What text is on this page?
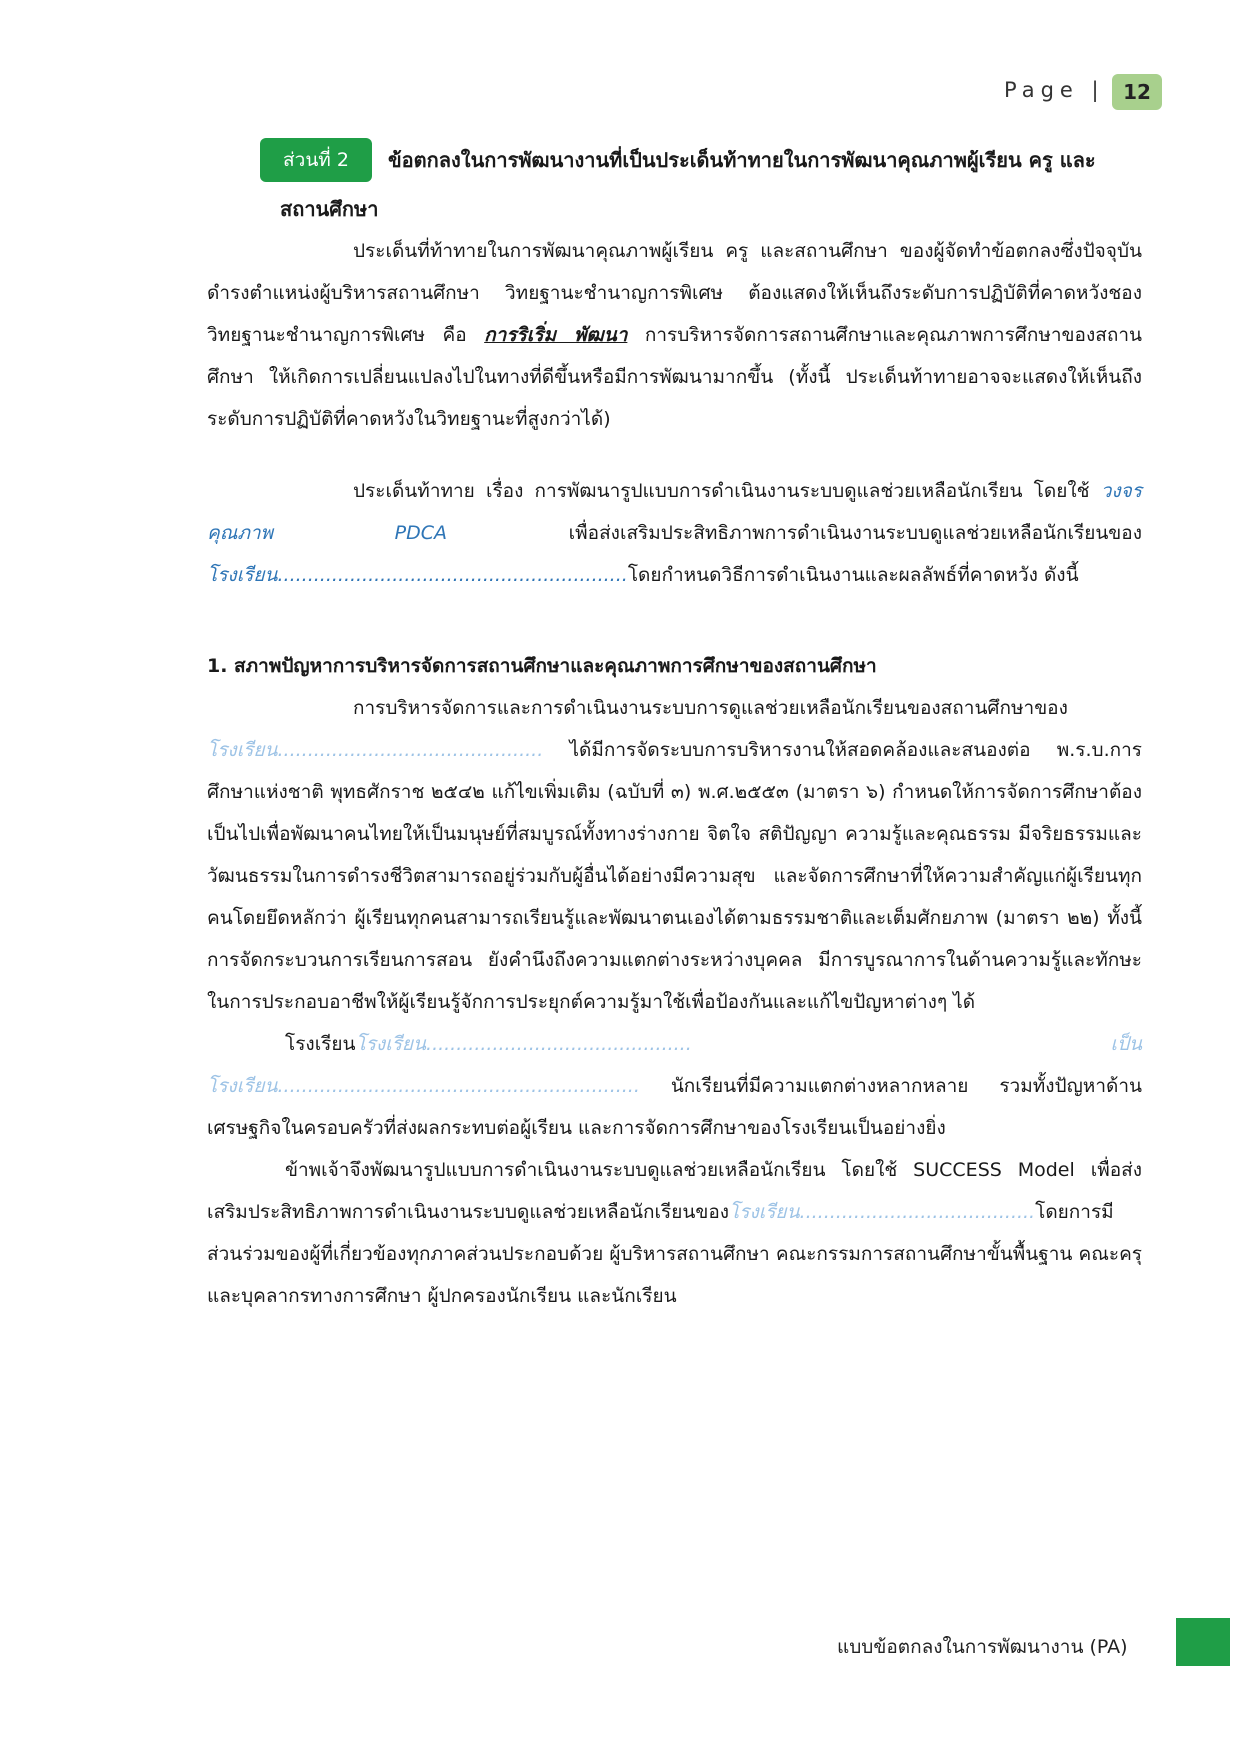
Page | 12
ส่วนที่ 2	ข้อตกลงในการพัฒนางานที่เป็นประเด็นท้าทายในการพัฒนาคุณภาพผู้เรียน ครู และ
สถานศึกษา

ประเด็นที่ท้าทายในการพัฒนาคุณภาพผู้เรียน ครู และสถานศึกษา ของผู้จัดทำข้อตกลงซึ่งปัจจุบันดำรงตำแหน่งผู้บริหารสถานศึกษา วิทยฐานะชำนาญการพิเศษ ต้องแสดงให้เห็นถึงระดับการปฏิบัติที่คาดหวังชองวิทยฐานะชำนาญการพิเศษ คือ การริเริ่ม พัฒนา การบริหารจัดการสถานศึกษาและคุณภาพการศึกษาของสถานศึกษา ให้เกิดการเปลี่ยนแปลงไปในทางที่ดีขึ้นหรือมีการพัฒนามากขึ้น (ทั้งนี้ ประเด็นท้าทายอาจจะแสดงให้เห็นถึงระดับการปฏิบัติที่คาดหวังในวิทยฐานะที่สูงกว่าได้)

ประเด็นท้าทาย เรื่อง การพัฒนารูปแบบการดำเนินงานระบบดูแลช่วยเหลือนักเรียน โดยใช้ วงจรคุณภาพ PDCA เพื่อส่งเสริมประสิทธิภาพการดำเนินงานระบบดูแลช่วยเหลือนักเรียนของ โรงเรียน..........................................................โดยกำหนดวิธีการดำเนินงานและผลลัพธ์ที่คาดหวัง ดังนี้

1. สภาพปัญหาการบริหารจัดการสถานศึกษาและคุณภาพการศึกษาของสถานศึกษา

การบริหารจัดการและการดำเนินงานระบบการดูแลช่วยเหลือนักเรียนของสถานศึกษาของ โรงเรียน............................................ ได้มีการจัดระบบการบริหารงานให้สอดคล้องและสนองต่อ พ.ร.บ.การศึกษาแห่งชาติ พุทธศักราช ๒๕๔๒ แก้ไขเพิ่มเติม (ฉบับที่ ๓) พ.ศ.๒๕๕๓ (มาตรา ๖) กำหนดให้การจัดการศึกษาต้องเป็นไปเพื่อพัฒนาคนไทยให้เป็นมนุษย์ที่สมบูรณ์ทั้งทางร่างกาย จิตใจ สติปัญญา ความรู้และคุณธรรม มีจริยธรรมและวัฒนธรรมในการดำรงชีวิตสามารถอยู่ร่วมกับผู้อื่นได้อย่างมีความสุข และจัดการศึกษาที่ให้ความสำคัญแก่ผู้เรียนทุกคนโดยยึดหลักว่า ผู้เรียนทุกคนสามารถเรียนรู้และพัฒนาตนเองได้ตามธรรมชาติและเต็มศักยภาพ (มาตรา ๒๒) ทั้งนี้ การจัดกระบวนการเรียนการสอน ยังคำนึงถึงความแตกต่างระหว่างบุคคล มีการบูรณาการในด้านความรู้และทักษะในการประกอบอาชีพให้ผู้เรียนรู้จักการประยุกต์ความรู้มาใช้เพื่อป้องกันและแก้ไขปัญหาต่างๆ ได้

โรงเรียนโรงเรียน............................................ เป็นโรงเรียน............................................................ นักเรียนที่มีความแตกต่างหลากหลาย รวมทั้งปัญหาด้านเศรษฐกิจในครอบครัวที่ส่งผลกระทบต่อผู้เรียน และการจัดการศึกษาของโรงเรียนเป็นอย่างยิ่ง

ข้าพเจ้าจึงพัฒนารูปแบบการดำเนินงานระบบดูแลช่วยเหลือนักเรียน โดยใช้ SUCCESS Model เพื่อส่งเสริมประสิทธิภาพการดำเนินงานระบบดูแลช่วยเหลือนักเรียนของโรงเรียน.......................................โดยการมีส่วนร่วมของผู้ที่เกี่ยวข้องทุกภาคส่วนประกอบด้วย ผู้บริหารสถานศึกษา คณะกรรมการสถานศึกษาขั้นพื้นฐาน คณะครุและบุคลากรทางการศึกษา ผู้ปกครองนักเรียน และนักเรียน

แบบข้อตกลงในการพัฒนางาน (PA)
